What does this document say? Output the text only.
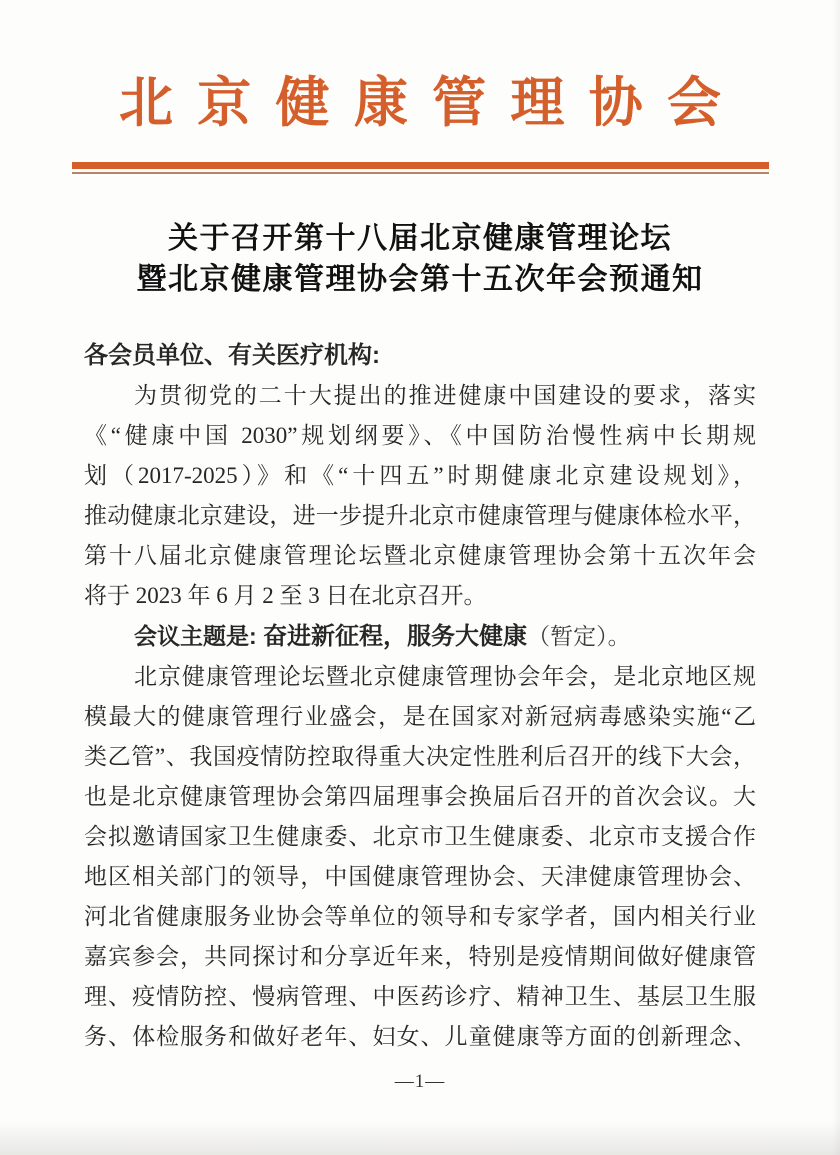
北京健康管理协会
关于召开第十八届北京健康管理论坛
暨北京健康管理协会第十五次年会预通知
各会员单位、有关医疗机构:
为贯彻党的二十大提出的推进健康中国建设的要求，落实
《“健康中国 2030”规划纲要》、《中国防治慢性病中长期规
划（2017-2025）》和《“十四五”时期健康北京建设规划》，
推动健康北京建设，进一步提升北京市健康管理与健康体检水平，
第十八届北京健康管理论坛暨北京健康管理协会第十五次年会
将于 2023 年 6 月 2 至 3 日在北京召开。
会议主题是: 奋进新征程，服务大健康（暂定）。
北京健康管理论坛暨北京健康管理协会年会，是北京地区规
模最大的健康管理行业盛会，是在国家对新冠病毒感染实施“乙
类乙管”、我国疫情防控取得重大决定性胜利后召开的线下大会，
也是北京健康管理协会第四届理事会换届后召开的首次会议。大
会拟邀请国家卫生健康委、北京市卫生健康委、北京市支援合作
地区相关部门的领导，中国健康管理协会、天津健康管理协会、
河北省健康服务业协会等单位的领导和专家学者，国内相关行业
嘉宾参会，共同探讨和分享近年来，特别是疫情期间做好健康管
理、疫情防控、慢病管理、中医药诊疗、精神卫生、基层卫生服
务、体检服务和做好老年、妇女、儿童健康等方面的创新理念、
—1—
